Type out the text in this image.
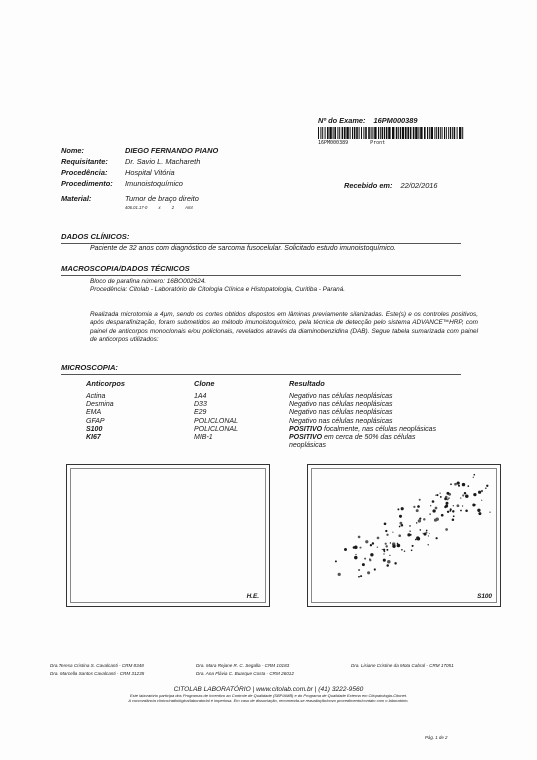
Nº do Exame: 16PM000389
16PM000389	Pront
Nome:	DIEGO FERNANDO PIANO
Requisitante:	Dr. Savio L. Machareth
Procedência:	Hospital Vitória
Procedimento:	Imunoistoquímico
Material:	Tumor de braço direito
406.01.17-0	x	2	Amt
Recebido em: 22/02/2016
DADOS CLÍNICOS:
Paciente de 32 anos com diagnóstico de sarcoma fusocelular. Solicitado estudo imunoistoquímico.
MACROSCOPIA/DADOS TÉCNICOS
Bloco de parafina número: 16BO002624.
Procedência: Citolab - Laboratório de Citologia Clínica e Histopatologia, Curitiba - Paraná.
Realizada microtomia a 4µm, sendo os cortes obtidos dispostos em lâminas previamente silanizadas. Este(s) e os controles positivos, após desparafinização, foram submetidos ao método imunoistoquímico, pela técnica de detecção pelo sistema ADVANCE™HRP, com painel de anticorpos monoclonais e/ou policlonais, revelados através da diaminobenzidina (DAB). Segue tabela sumarizada com painel de anticorpos utilizados:
MICROSCOPIA:
Anticorpos	Clone	Resultado
Actina	1A4	Negativo nas células neoplásicas
Desmina	D33	Negativo nas células neoplásicas
EMA	E29	Negativo nas células neoplásicas
GFAP	POLICLONAL	Negativo nas células neoplásicas
S100	POLICLONAL	POSITIVO focalmente, nas células neoplásicas
KI67	MIB-1	POSITIVO em cerca de 50% das células neoplásicas
H.E.	S100
Dra.Teresa Cristina S. Cavalcanti - CRM 8348	Dra. Mara Rejane R. C. Segalla - CRM 10183	Dra. Lisiane Cristine da Mota Cabral - CRM 17051
Dra. Marcella Santos Cavalcanti - CRM 31235	Dra. Ana Flávia C. Buarque Costa - CRM 26012
CITOLAB LABORATÓRIO | www.citolab.com.br | (41) 3222-9560
Este laboratório participa dos Programas de Incentivo ao Controle de Qualidade (SBP/AMB) e do Programa de Qualidade Externa em Citopatologia-Citonet.
A concordância clínico/radiológica/laboratorial é imperiosa. Em caso de dissociação, recomenda-se reavaliação/novo procedimento/contato com o laboratório.
Pág. 1 de 2
